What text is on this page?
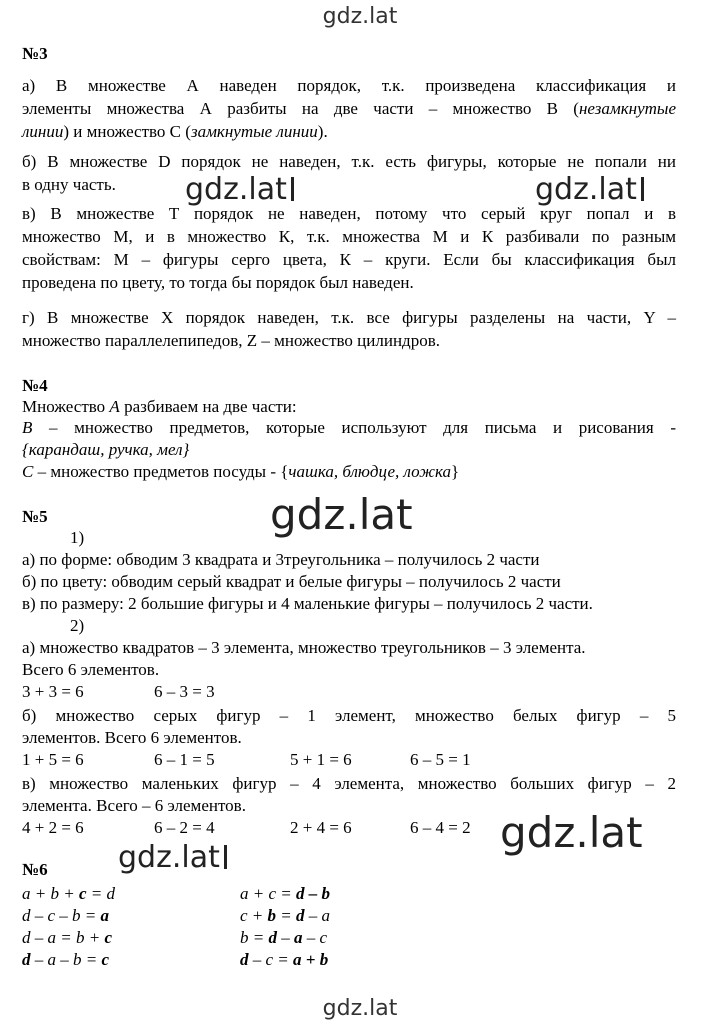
gdz.lat
gdz.lat	gdz.lat
gdz.lat
gdz.lat
gdz.lat
gdz.lat
№3
а) В множестве А наведен порядок, т.к. произведена классификация и
элементы множества А разбиты на две части – множество В (незамкнутые
линии) и множество С (замкнутые линии).
б) В множестве D порядок не наведен, т.к. есть фигуры, которые не попали ни
в одну часть.
в) В множестве Т порядок не наведен, потому что серый круг попал и в
множество М, и в множество К, т.к. множества М и К разбивали по разным
свойствам: М – фигуры серго цвета, К – круги. Если бы классификация был
проведена по цвету, то тогда бы порядок был наведен.
г) В множестве Х порядок наведен, т.к. все фигуры разделены на части, Y –
множество параллелепипедов, Z – множество цилиндров.
№4
Множество А разбиваем на две части:
В – множество предметов, которые используют для письма и рисования -
{карандаш, ручка, мел}
С – множество предметов посуды - {чашка, блюдце, ложка}
№5
1)
а) по форме: обводим 3 квадрата и 3треугольника – получилось 2 части
б) по цвету: обводим серый квадрат и белые фигуры – получилось 2 части
в) по размеру: 2 большие фигуры и 4 маленькие фигуры – получилось 2 части.
2)
а) множество квадратов – 3 элемента, множество треугольников – 3 элемента.
Всего 6 элементов.
3 + 3 = 6	6 – 3 = 3
б) множество серых фигур – 1 элемент, множество белых фигур – 5
элементов. Всего 6 элементов.
1 + 5 = 6	6 – 1 = 5	5 + 1 = 6	6 – 5 = 1
в) множество маленьких фигур – 4 элемента, множество больших фигур – 2
элемента. Всего – 6 элементов.
4 + 2 = 6	6 – 2 = 4	2 + 4 = 6	6 – 4 = 2
№6
a + b + c = d	a + c = d – b
d – c – b = a	c + b = d – a
d – a = b + c	b = d – a – c
d – a – b = c	d – c = a + b
